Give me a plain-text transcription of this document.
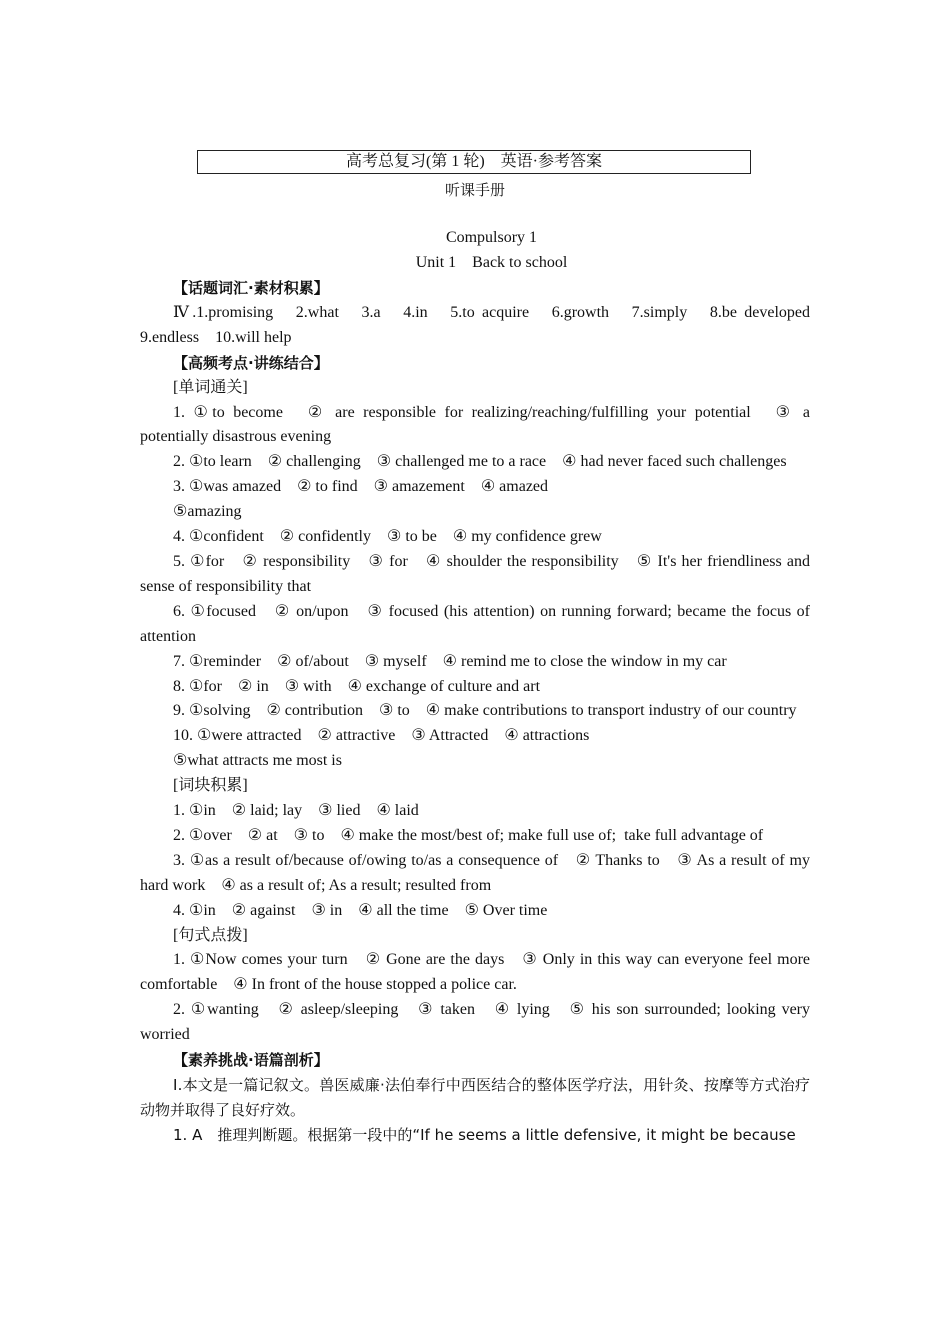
高考总复习(第 1 轮) 英语·参考答案
听课手册
Compulsory 1
Unit 1　Back to school

【话题词汇·素材积累】

Ⅳ.1.promising　2.what　3.a　4.in　5.to acquire　6.growth　7.simply　8.be developed 9.endless　10.will help

【高频考点·讲练结合】

[单词通关]

1. ①to become　② are responsible for realizing/reaching/fulfilling your potential　③ a potentially disastrous evening

2. ①to learn　② challenging　③ challenged me to a race　④ had never faced such challenges

3. ①was amazed　② to find　③ amazement　④ amazed

⑤amazing

4. ①confident　② confidently　③ to be　④ my confidence grew

5. ①for　② responsibility　③ for　④ shoulder the responsibility　⑤ It's her friendliness and sense of responsibility that

6. ①focused　② on/upon　③ focused (his attention) on running forward; became the focus of attention

7. ①reminder　② of/about　③ myself　④ remind me to close the window in my car

8. ①for　② in　③ with　④ exchange of culture and art

9. ①solving　② contribution　③ to　④ make contributions to transport industry of our country

10. ①were attracted　② attractive　③ Attracted　④ attractions

⑤what attracts me most is

[词块积累]

1. ①in　② laid; lay　③ lied　④ laid

2. ①over　② at　③ to　④ make the most/best of; make full use of;  take full advantage of

3. ①as a result of/because of/owing to/as a consequence of　② Thanks to　③ As a result of my hard work　④ as a result of; As a result; resulted from

4. ①in　② against　③ in　④ all the time　⑤ Over time

[句式点拨]

1. ①Now comes your turn　② Gone are the days　③ Only in this way can everyone feel more comfortable　④ In front of the house stopped a police car.

2. ①wanting　② asleep/sleeping　③ taken　④ lying　⑤ his son surrounded; looking very worried

【素养挑战·语篇剖析】

Ⅰ.本文是一篇记叙文。兽医威廉·法伯奉行中西医结合的整体医学疗法，用针灸、按摩等方式治疗动物并取得了良好疗效。

1. A　推理判断题。根据第一段中的“If he seems a little defensive, it might be because
